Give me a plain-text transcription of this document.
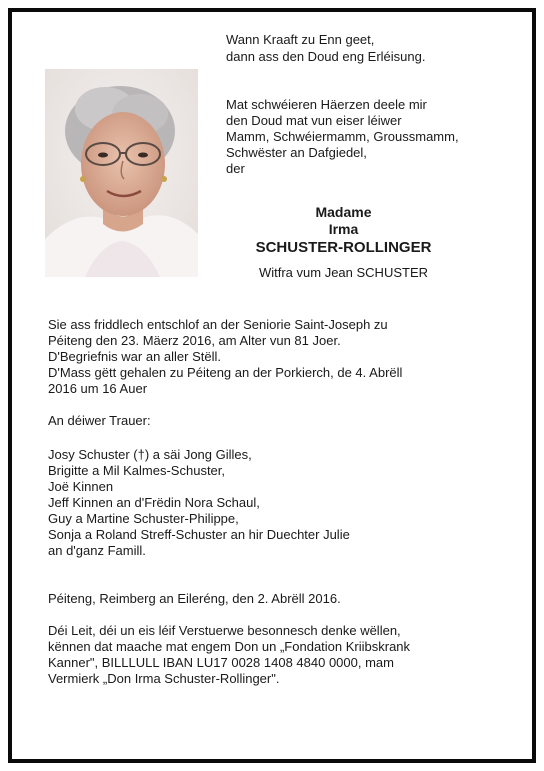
Wann Kraaft zu Enn geet,
dann ass den Doud eng Erléisung.
Mat schwéieren Häerzen deele mir
den Doud mat vun eiser léiwer
Mamm, Schwéiermamm, Groussmamm,
Schwëster an Dafgiedel,
der
Madame
Irma
SCHUSTER-ROLLINGER
Witfra vum Jean SCHUSTER
Sie ass friddlech entschlof an der Seniorie Saint-Joseph zu
Péiteng den 23. Mäerz 2016, am Alter vun 81 Joer.
D'Begriefnis war an aller Stëll.
D'Mass gëtt gehalen zu Péiteng an der Porkierch, de 4. Abrëll
2016 um 16 Auer
An déiwer Trauer:
Josy Schuster (†) a säi Jong Gilles,
Brigitte a Mil Kalmes-Schuster,
Joë Kinnen
Jeff Kinnen an d'Frëdin Nora Schaul,
Guy a Martine Schuster-Philippe,
Sonja a Roland Streff-Schuster an hir Duechter Julie
an d'ganz Famill.
Péiteng, Reimberg an Eileréng, den 2. Abrëll 2016.
Déi Leit, déi un eis léif Verstuerwe besonnesch denke wëllen,
kënnen dat maache mat engem Don un „Fondation Kriibskrank
Kanner", BILLLULL IBAN LU17 0028 1408 4840 0000, mam
Vermierk „Don Irma Schuster-Rollinger".
